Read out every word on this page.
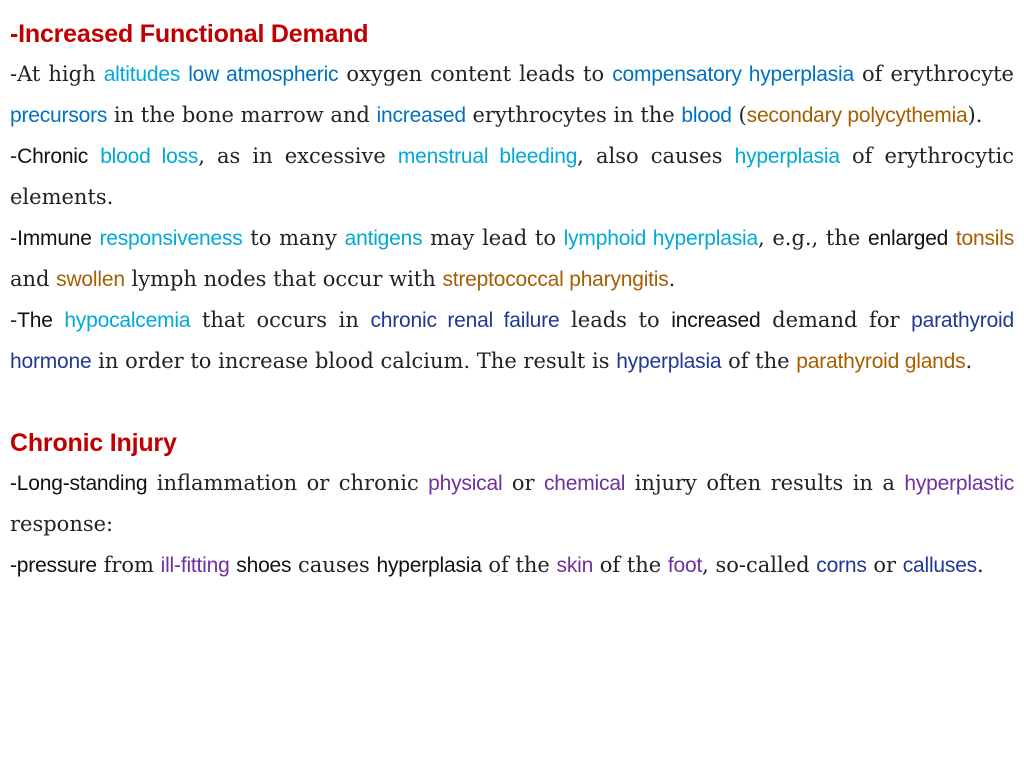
-Increased Functional Demand

-At high altitudes low atmospheric oxygen content leads to compensatory hyperplasia of erythrocyte precursors in the bone marrow and increased erythrocytes in the blood (secondary polycythemia).

-Chronic blood loss, as in excessive menstrual bleeding, also causes hyperplasia of erythrocytic elements.

-Immune responsiveness to many antigens may lead to lymphoid hyperplasia, e.g., the enlarged tonsils and swollen lymph nodes that occur with streptococcal pharyngitis.

-The hypocalcemia that occurs in chronic renal failure leads to increased demand for parathyroid hormone in order to increase blood calcium. The result is hyperplasia of the parathyroid glands.

Chronic Injury

-Long-standing inflammation or chronic physical or chemical injury often results in a hyperplastic response:

-pressure from ill-fitting shoes causes hyperplasia of the skin of the foot, so-called corns or calluses.
